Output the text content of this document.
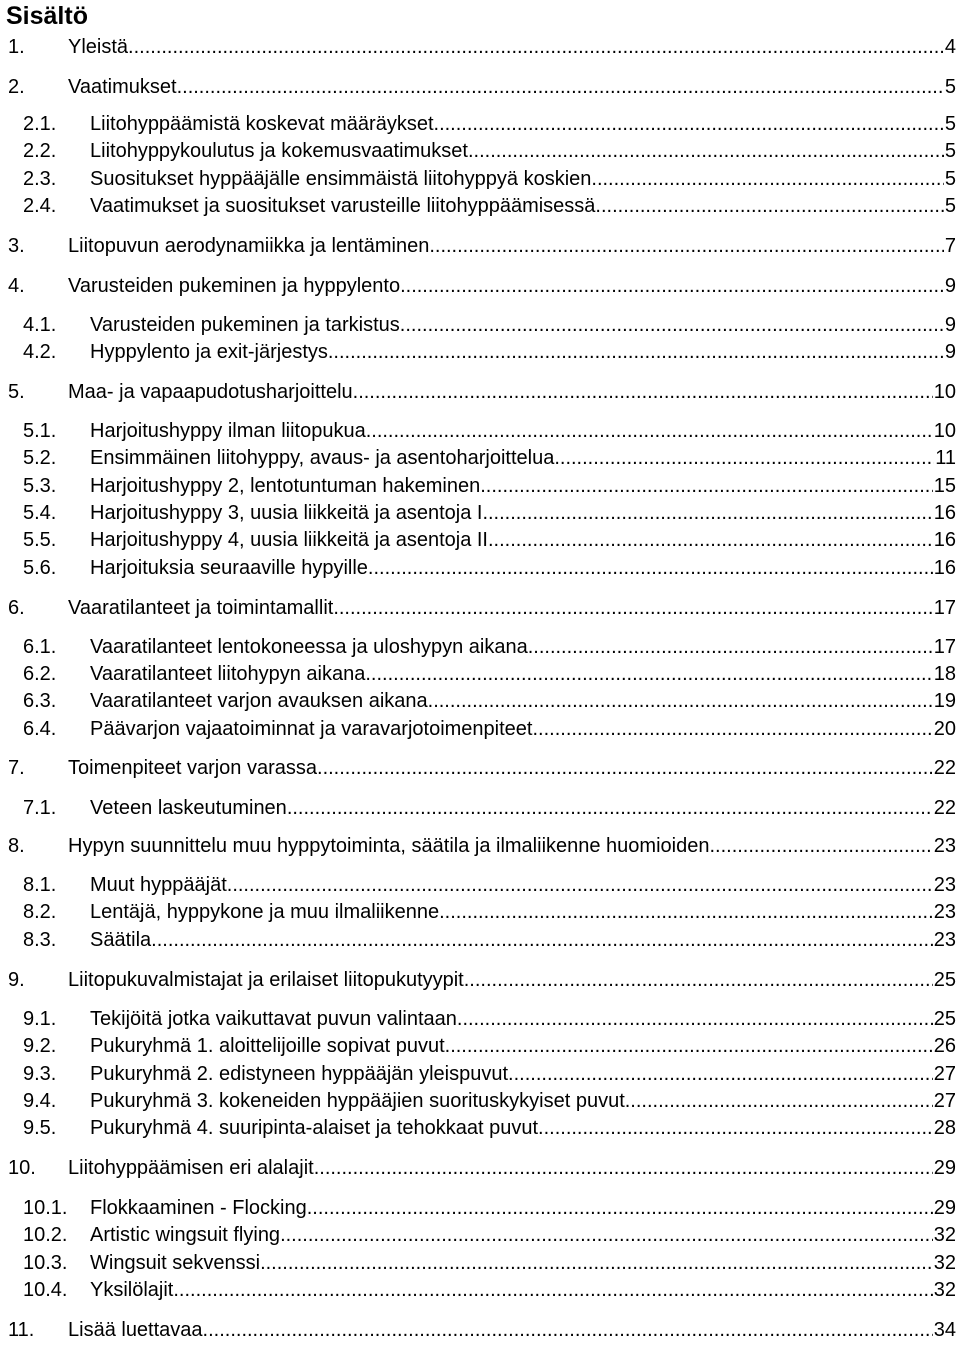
Sisältö
1. Yleistä .....	4
2. Vaatimukset .....	5
2.1. Liitohyppäämistä koskevat määräykset. .....	5
2.2. Liitohyppykoulutus ja kokemusvaatimukset .....	5
2.3. Suositukset hyppääjälle ensimmäistä liitohyppyä koskien .....	5
2.4. Vaatimukset ja suositukset varusteille liitohyppäämisessä .....	5
3. Liitopuvun aerodynamiikka ja lentäminen .....	7
4. Varusteiden pukeminen ja hyppylento .....	9
4.1. Varusteiden pukeminen ja tarkistus .....	9
4.2. Hyppylento ja exit-järjestys .....	9
5. Maa- ja vapaapudotusharjoittelu .....	10
5.1. Harjoitushyppy ilman liitopukua .....	10
5.2. Ensimmäinen liitohyppy, avaus- ja asentoharjoittelua .....	11
5.3. Harjoitushyppy 2, lentotuntuman hakeminen .....	15
5.4. Harjoitushyppy 3, uusia liikkeitä ja asentoja I .....	16
5.5. Harjoitushyppy 4, uusia liikkeitä ja asentoja II .....	16
5.6. Harjoituksia seuraaville hypyille .....	16
6. Vaaratilanteet ja toimintamallit .....	17
6.1. Vaaratilanteet lentokoneessa ja uloshypyn aikana .....	17
6.2. Vaaratilanteet liitohypyn aikana .....	18
6.3. Vaaratilanteet varjon avauksen aikana .....	19
6.4. Päävarjon vajaatoiminnat ja varavarjotoimenpiteet .....	20
7. Toimenpiteet varjon varassa .....	22
7.1. Veteen laskeutuminen .....	22
8. Hypyn suunnittelu muu hyppytoiminta, säätila ja ilmaliikenne huomioiden .....	23
8.1. Muut hyppääjät .....	23
8.2. Lentäjä, hyppykone ja muu ilmaliikenne .....	23
8.3. Säätila .....	23
9. Liitopukuvalmistajat ja erilaiset liitopukutyypit .....	25
9.1. Tekijöitä jotka vaikuttavat puvun valintaan .....	25
9.2. Pukuryhmä 1. aloittelijoille sopivat puvut .....	26
9.3. Pukuryhmä 2. edistyneen hyppääjän yleispuvut .....	27
9.4. Pukuryhmä 3. kokeneiden hyppääjien suorituskykyiset puvut .....	27
9.5. Pukuryhmä 4. suuripinta-alaiset ja tehokkaat puvut .....	28
10. Liitohyppäämisen eri alalajit .....	29
10.1. Flokkaaminen - Flocking .....	29
10.2. Artistic wingsuit flying .....	32
10.3. Wingsuit sekvenssi .....	32
10.4. Yksilölajit .....	32
11. Lisää luettavaa .....	34
